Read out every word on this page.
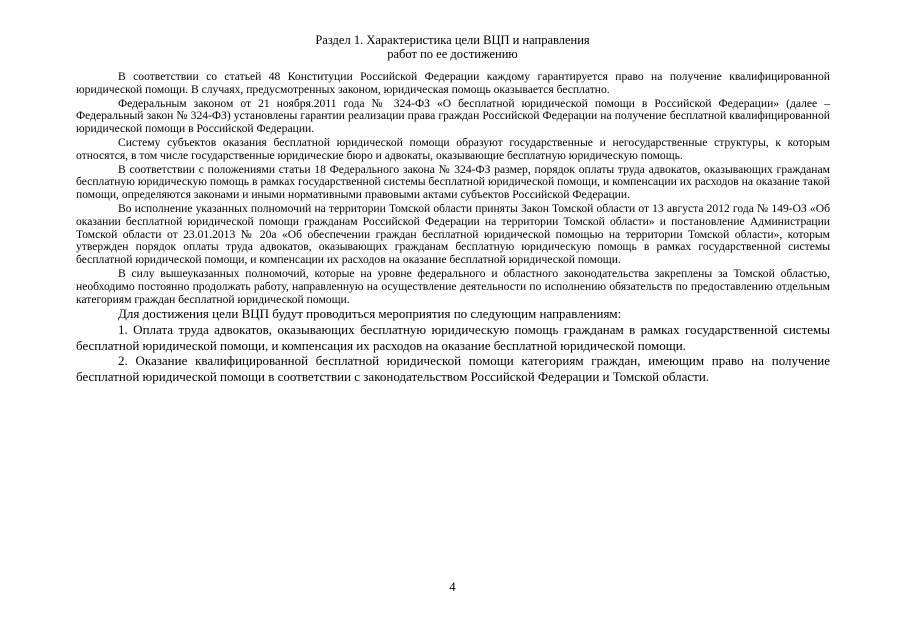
Раздел 1. Характеристика цели ВЦП и направления
работ по ее достижению

В соответствии со статьей 48 Конституции Российской Федерации каждому гарантируется право на получение квалифицированной юридической помощи. В случаях, предусмотренных законом, юридическая помощь оказывается бесплатно.

Федеральным законом от 21 ноября.2011 года № 324-ФЗ «О бесплатной юридической помощи в Российской Федерации» (далее – Федеральный закон № 324-ФЗ) установлены гарантии реализации права граждан Российской Федерации на получение бесплатной квалифицированной юридической помощи в Российской Федерации.

Систему субъектов оказания бесплатной юридической помощи образуют государственные и негосударственные структуры, к которым относятся, в том числе государственные юридические бюро и адвокаты, оказывающие бесплатную юридическую помощь.

В соответствии с положениями статьи 18 Федерального закона № 324-ФЗ размер, порядок оплаты труда адвокатов, оказывающих гражданам бесплатную юридическую помощь в рамках государственной системы бесплатной юридической помощи, и компенсации их расходов на оказание такой помощи, определяются законами и иными нормативными правовыми актами субъектов Российской Федерации.

Во исполнение указанных полномочий на территории Томской области приняты Закон Томской области от 13 августа 2012 года № 149-ОЗ «Об оказании бесплатной юридической помощи гражданам Российской Федерации на территории Томской области» и постановление Администрации Томской области от 23.01.2013 № 20а «Об обеспечении граждан бесплатной юридической помощью на территории Томской области», которым утвержден порядок оплаты труда адвокатов, оказывающих гражданам бесплатную юридическую помощь в рамках государственной системы бесплатной юридической помощи, и компенсации их расходов на оказание бесплатной юридической помощи.

В силу вышеуказанных полномочий, которые на уровне федерального и областного законодательства закреплены за Томской областью, необходимо постоянно продолжать работу, направленную на осуществление деятельности по исполнению обязательств по предоставлению отдельным категориям граждан бесплатной юридической помощи.

Для достижения цели ВЦП будут проводиться мероприятия по следующим направлениям:

1. Оплата труда адвокатов, оказывающих бесплатную юридическую помощь гражданам в рамках государственной системы бесплатной юридической помощи, и компенсация их расходов на оказание бесплатной юридической помощи.

2. Оказание квалифицированной бесплатной юридической помощи категориям граждан, имеющим право на получение бесплатной юридической помощи в соответствии с законодательством Российской Федерации и Томской области.

4
